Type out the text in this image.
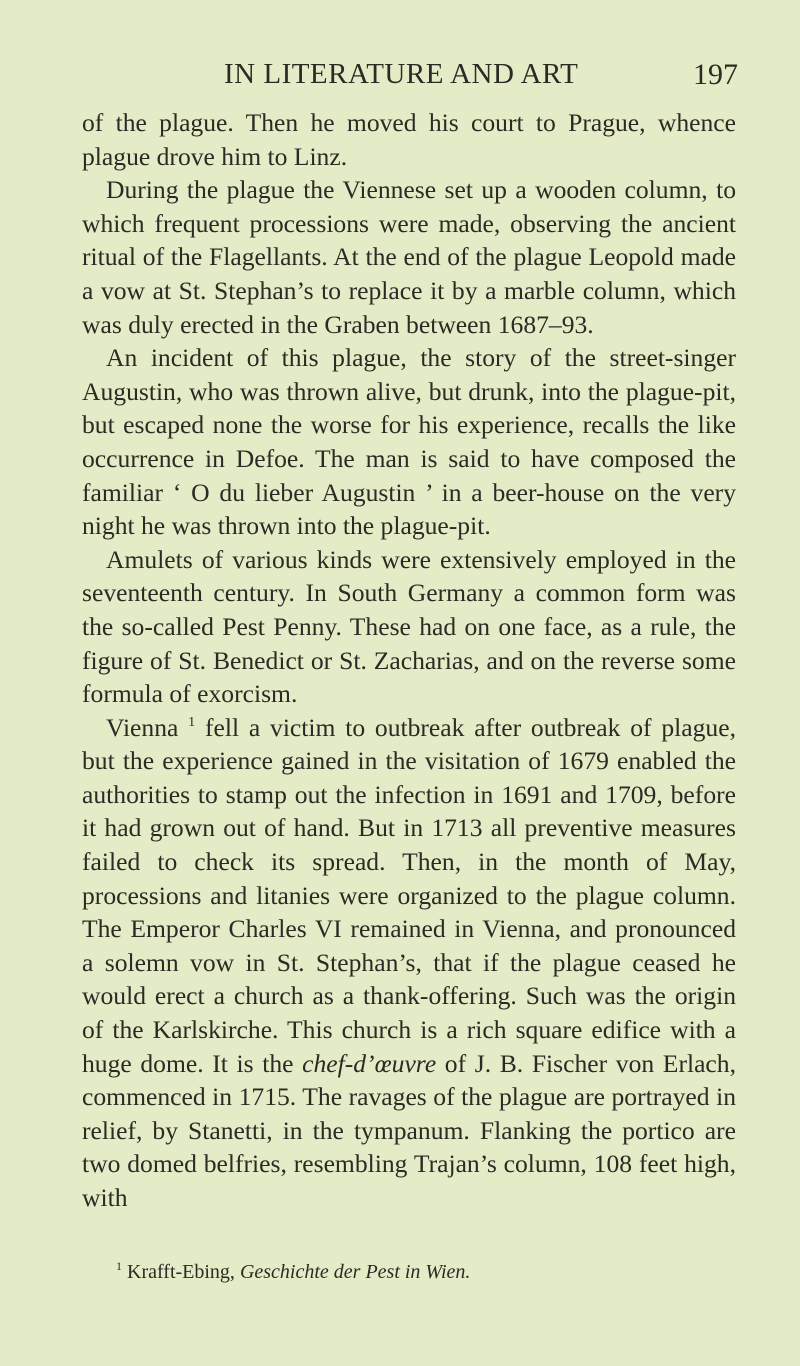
IN LITERATURE AND ART	197

of the plague. Then he moved his court to Prague, whence plague drove him to Linz.

During the plague the Viennese set up a wooden column, to which frequent processions were made, observing the ancient ritual of the Flagellants. At the end of the plague Leopold made a vow at St. Stephan’s to replace it by a marble column, which was duly erected in the Graben between 1687–93.

An incident of this plague, the story of the street-singer Augustin, who was thrown alive, but drunk, into the plague-pit, but escaped none the worse for his experience, recalls the like occurrence in Defoe. The man is said to have composed the familiar ‘ O du lieber Augustin ’ in a beer-house on the very night he was thrown into the plague-pit.

Amulets of various kinds were extensively employed in the seventeenth century. In South Germany a common form was the so-called Pest Penny. These had on one face, as a rule, the figure of St. Benedict or St. Zacharias, and on the reverse some formula of exorcism.

Vienna $^1$ fell a victim to outbreak after outbreak of plague, but the experience gained in the visitation of 1679 enabled the authorities to stamp out the infection in 1691 and 1709, before it had grown out of hand. But in 1713 all preventive measures failed to check its spread. Then, in the month of May, processions and litanies were organized to the plague column. The Emperor Charles VI remained in Vienna, and pronounced a solemn vow in St. Stephan’s, that if the plague ceased he would erect a church as a thank-offering. Such was the origin of the Karlskirche. This church is a rich square edifice with a huge dome. It is the chef-d’œuvre of J. B. Fischer von Erlach, commenced in 1715. The ravages of the plague are portrayed in relief, by Stanetti, in the tympanum. Flanking the portico are two domed belfries, resembling Trajan’s column, 108 feet high, with

$^1$ Krafft-Ebing, Geschichte der Pest in Wien.
